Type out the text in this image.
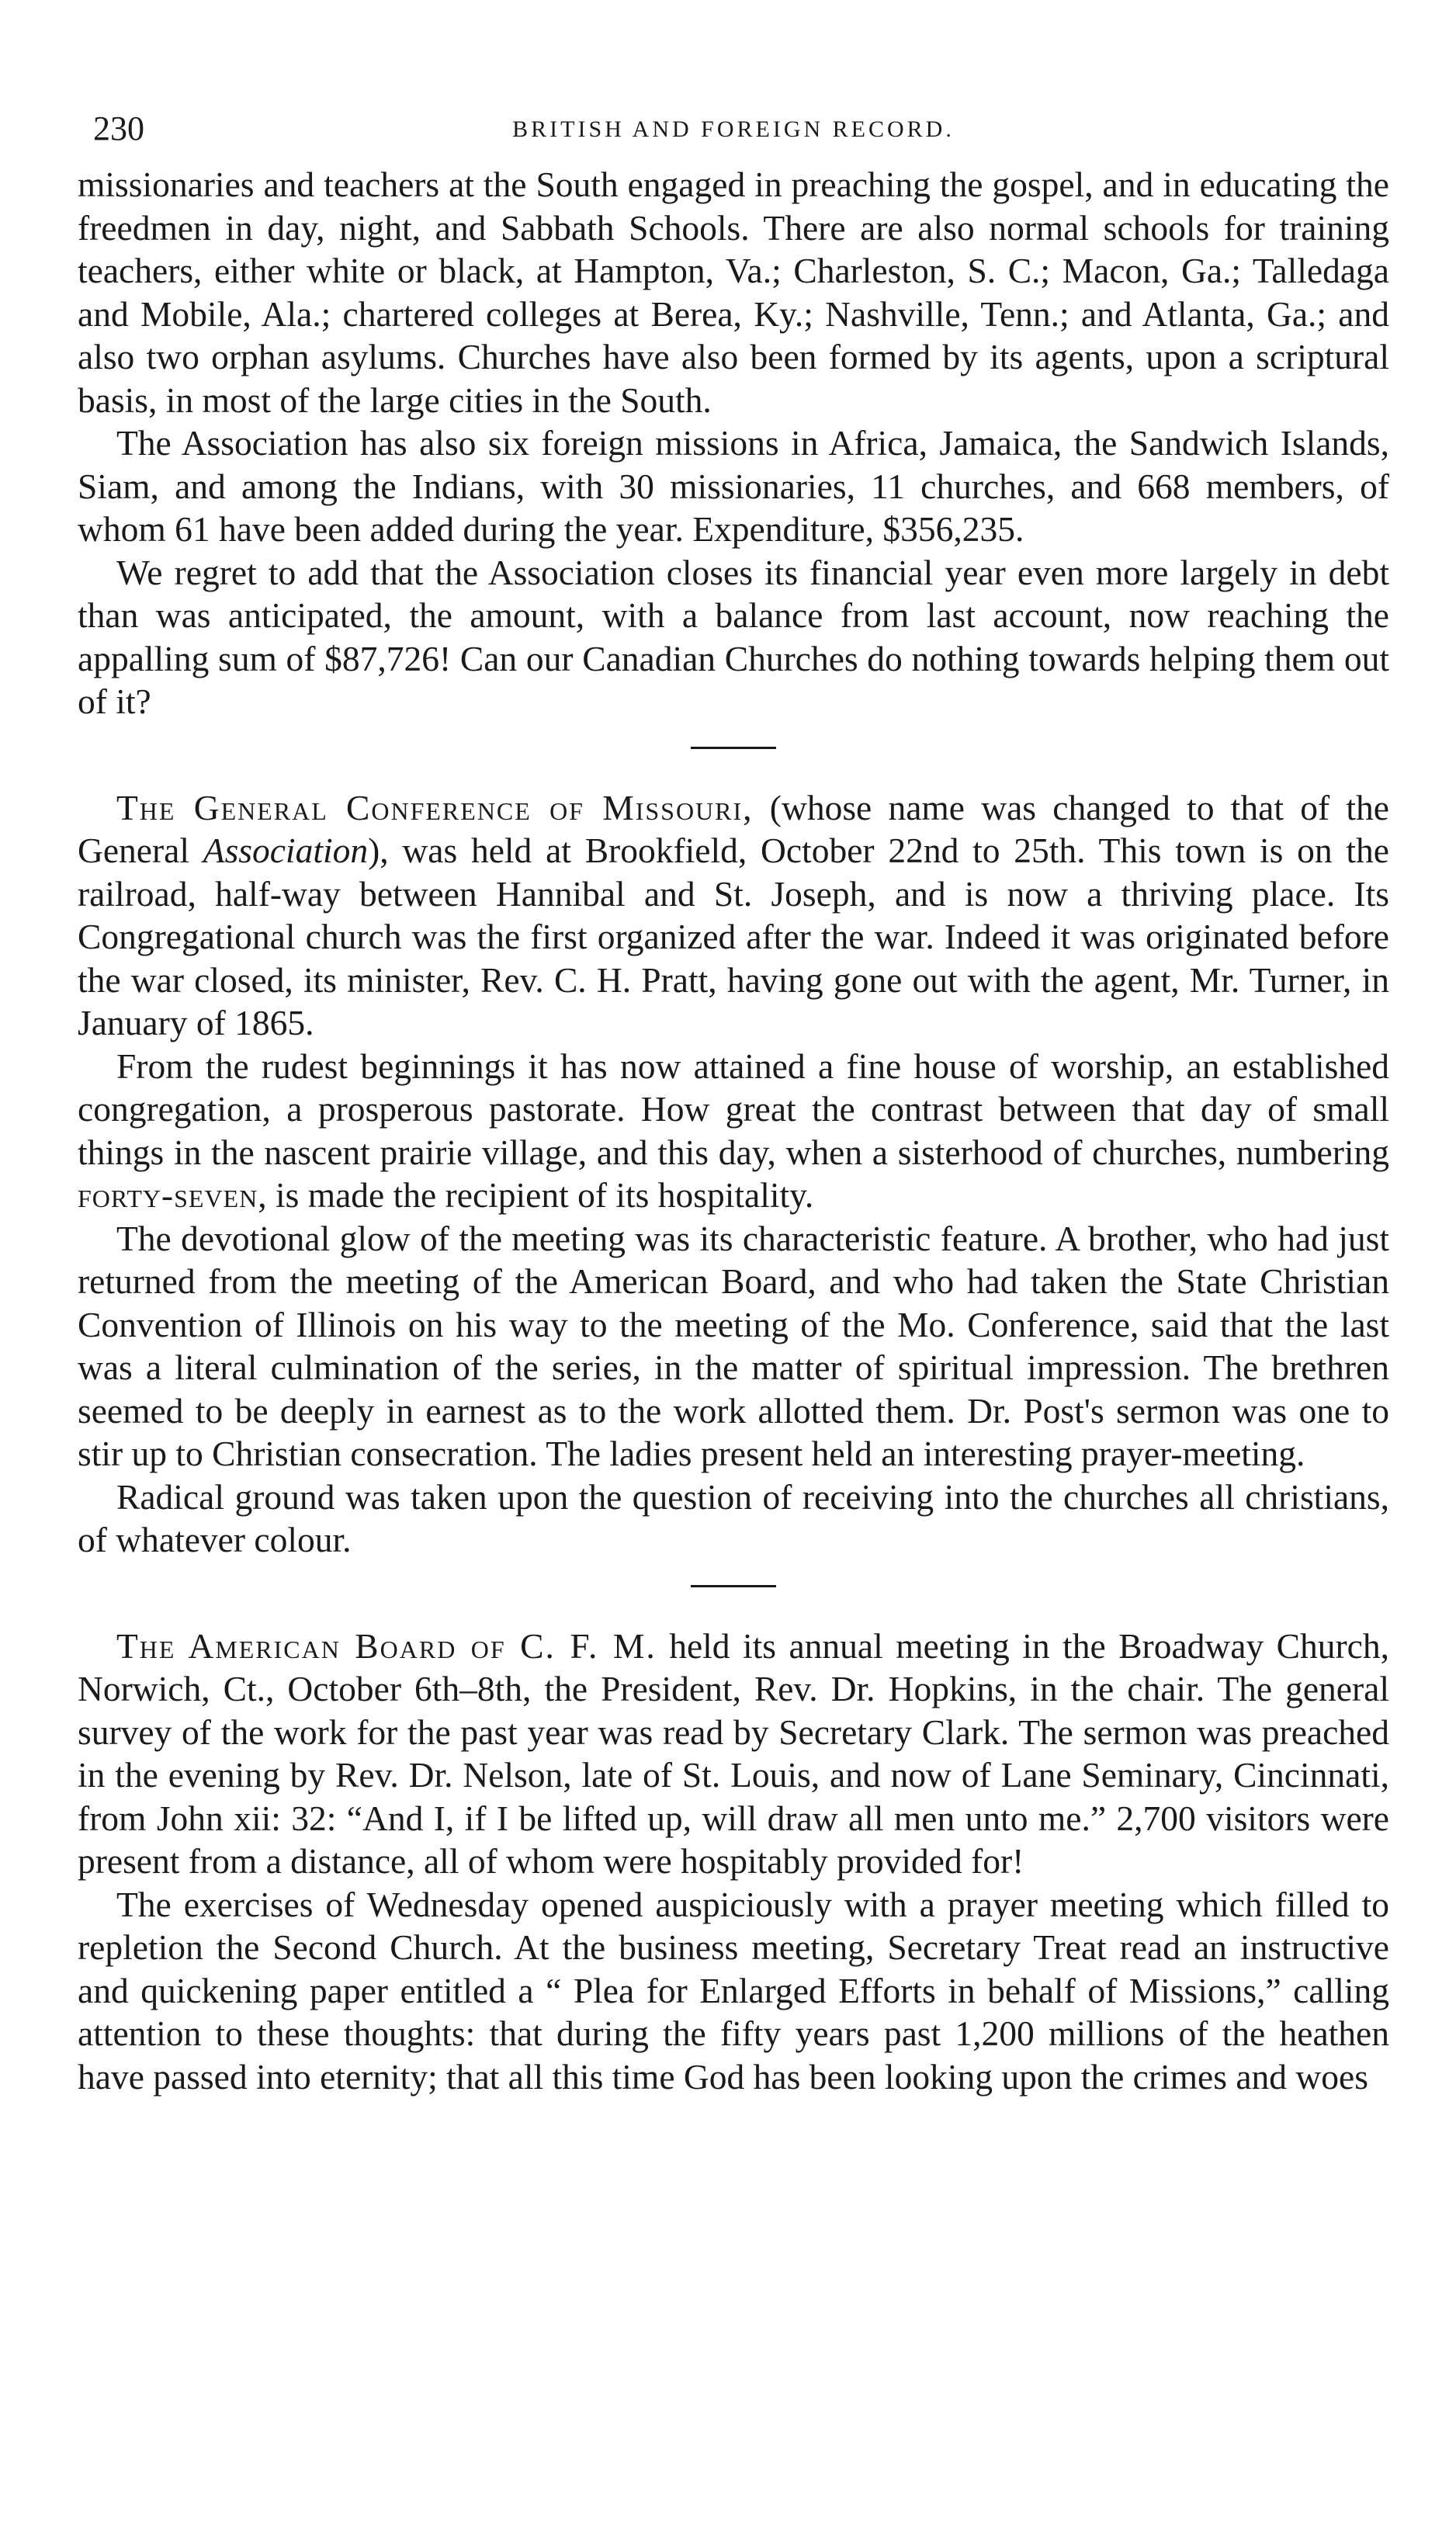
230	BRITISH AND FOREIGN RECORD.

missionaries and teachers at the South engaged in preaching the gospel, and in educating the freedmen in day, night, and Sabbath Schools. There are also normal schools for training teachers, either white or black, at Hampton, Va.; Charleston, S. C.; Macon, Ga.; Talledaga and Mobile, Ala.; chartered colleges at Berea, Ky.; Nashville, Tenn.; and Atlanta, Ga.; and also two orphan asylums. Churches have also been formed by its agents, upon a scriptural basis, in most of the large cities in the South.

The Association has also six foreign missions in Africa, Jamaica, the Sandwich Islands, Siam, and among the Indians, with 30 missionaries, 11 churches, and 668 members, of whom 61 have been added during the year. Expenditure, $356,235.

We regret to add that the Association closes its financial year even more largely in debt than was anticipated, the amount, with a balance from last account, now reaching the appalling sum of $87,726! Can our Canadian Churches do nothing towards helping them out of it?

The General Conference of Missouri, (whose name was changed to that of the General Association), was held at Brookfield, October 22nd to 25th. This town is on the railroad, half-way between Hannibal and St. Joseph, and is now a thriving place. Its Congregational church was the first organized after the war. Indeed it was originated before the war closed, its minister, Rev. C. H. Pratt, having gone out with the agent, Mr. Turner, in January of 1865.

From the rudest beginnings it has now attained a fine house of worship, an established congregation, a prosperous pastorate. How great the contrast between that day of small things in the nascent prairie village, and this day, when a sisterhood of churches, numbering forty-seven, is made the recipient of its hospitality.

The devotional glow of the meeting was its characteristic feature. A brother, who had just returned from the meeting of the American Board, and who had taken the State Christian Convention of Illinois on his way to the meeting of the Mo. Conference, said that the last was a literal culmination of the series, in the matter of spiritual impression. The brethren seemed to be deeply in earnest as to the work allotted them. Dr. Post's sermon was one to stir up to Christian consecration. The ladies present held an interesting prayer-meeting.

Radical ground was taken upon the question of receiving into the churches all christians, of whatever colour.

The American Board of C. F. M. held its annual meeting in the Broadway Church, Norwich, Ct., October 6th–8th, the President, Rev. Dr. Hopkins, in the chair. The general survey of the work for the past year was read by Secretary Clark. The sermon was preached in the evening by Rev. Dr. Nelson, late of St. Louis, and now of Lane Seminary, Cincinnati, from John xii: 32: “And I, if I be lifted up, will draw all men unto me.” 2,700 visitors were present from a distance, all of whom were hospitably provided for!

The exercises of Wednesday opened auspiciously with a prayer meeting which filled to repletion the Second Church. At the business meeting, Secretary Treat read an instructive and quickening paper entitled a “ Plea for Enlarged Efforts in behalf of Missions,” calling attention to these thoughts: that during the fifty years past 1,200 millions of the heathen have passed into eternity; that all this time God has been looking upon the crimes and woes
